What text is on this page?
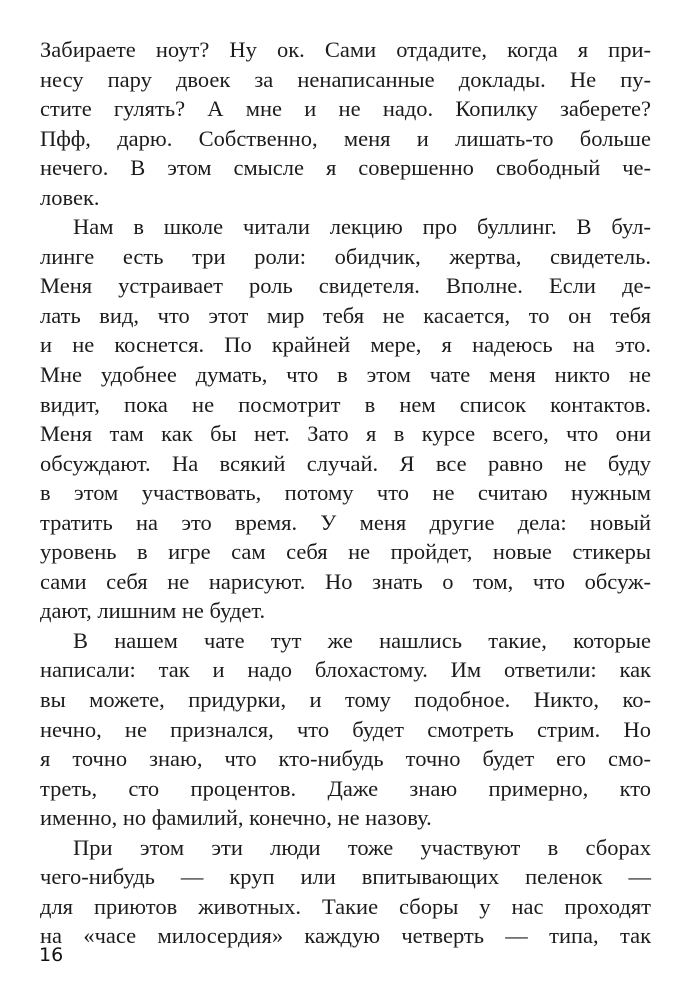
Забираете ноут? Ну ок. Сами отдадите, когда я при-
несу пару двоек за ненаписанные доклады. Не пу-
стите гулять? А мне и не надо. Копилку заберете?
Пфф, дарю. Собственно, меня и лишать-то больше
нечего. В этом смысле я совершенно свободный че-
ловек.
Нам в школе читали лекцию про буллинг. В бул-
линге есть три роли: обидчик, жертва, свидетель.
Меня устраивает роль свидетеля. Вполне. Если де-
лать вид, что этот мир тебя не касается, то он тебя
и не коснется. По крайней мере, я надеюсь на это.
Мне удобнее думать, что в этом чате меня никто не
видит, пока не посмотрит в нем список контактов.
Меня там как бы нет. Зато я в курсе всего, что они
обсуждают. На всякий случай. Я все равно не буду
в этом участвовать, потому что не считаю нужным
тратить на это время. У меня другие дела: новый
уровень в игре сам себя не пройдет, новые стикеры
сами себя не нарисуют. Но знать о том, что обсуж-
дают, лишним не будет.
В нашем чате тут же нашлись такие, которые
написали: так и надо блохастому. Им ответили: как
вы можете, придурки, и тому подобное. Никто, ко-
нечно, не признался, что будет смотреть стрим. Но
я точно знаю, что кто-нибудь точно будет его смо-
треть, сто процентов. Даже знаю примерно, кто
именно, но фамилий, конечно, не назову.
При этом эти люди тоже участвуют в сборах
чего-нибудь — круп или впитывающих пеленок —
для приютов животных. Такие сборы у нас проходят
на «часе милосердия» каждую четверть — типа, так
16
